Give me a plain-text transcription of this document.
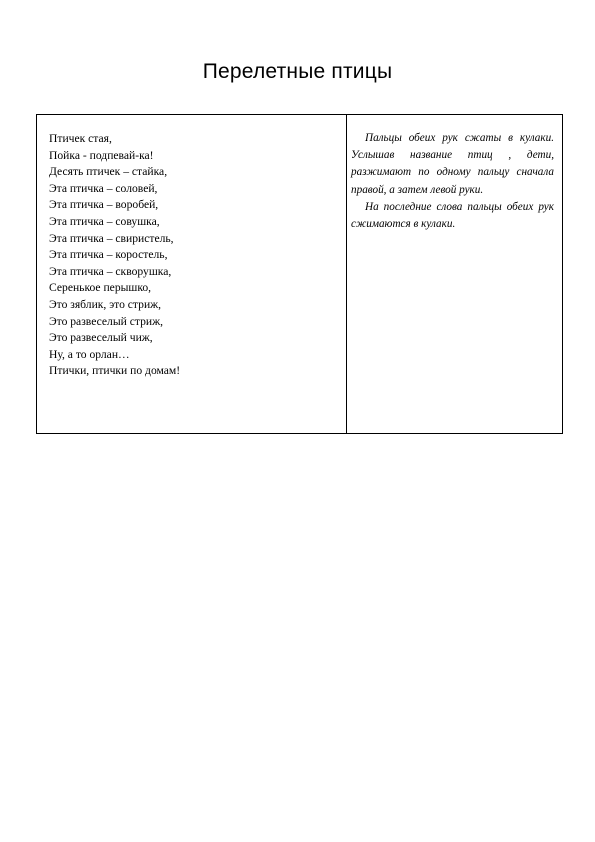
Перелетные птицы
Птичек стая,
Пойка - подпевай-ка!
Десять птичек – стайка,
Эта птичка – соловей,
Эта птичка – воробей,
Эта птичка – совушка,
Эта птичка – свиристель,
Эта птичка – коростель,
Эта птичка – скворушка,
Серенькое перышко,
Это зяблик, это стриж,
Это развеселый стриж,
Это развеселый чиж,
Ну, а то орлан…
Птички, птички по домам!

Пальцы обеих рук сжаты в кулаки. Услышав название птиц , дети, разжимают по одному пальцу сначала правой, а затем левой руки.

На последние слова пальцы обеих рук сжимаются в кулаки.
